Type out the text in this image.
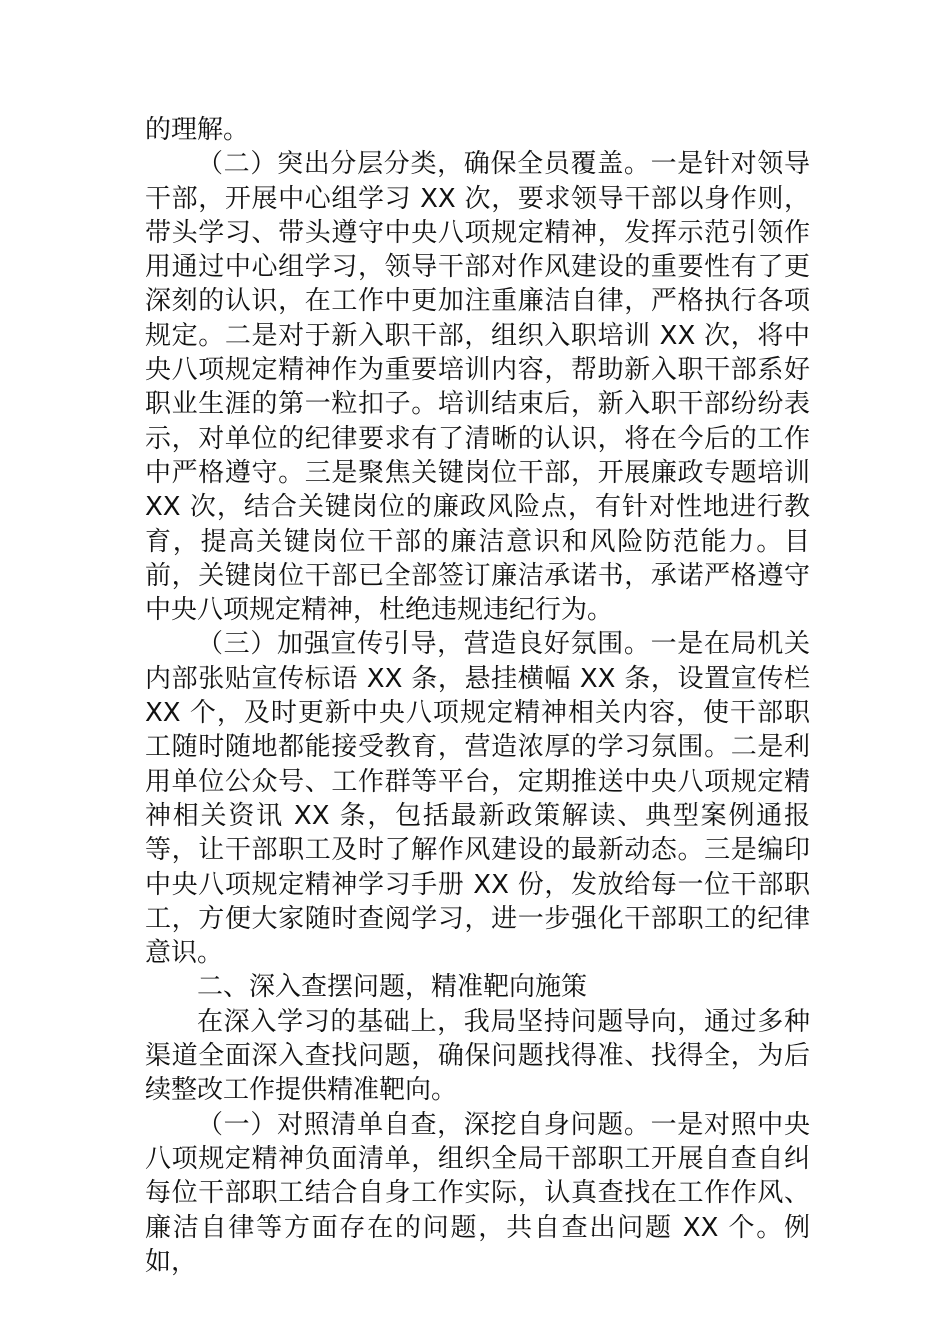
的理解。

（二）突出分层分类，确保全员覆盖。一是针对领导干部，开展中心组学习 XX 次，要求领导干部以身作则，带头学习、带头遵守中央八项规定精神，发挥示范引领作用通过中心组学习，领导干部对作风建设的重要性有了更深刻的认识，在工作中更加注重廉洁自律，严格执行各项规定。二是对于新入职干部，组织入职培训 XX 次，将中央八项规定精神作为重要培训内容，帮助新入职干部系好职业生涯的第一粒扣子。培训结束后，新入职干部纷纷表示，对单位的纪律要求有了清晰的认识，将在今后的工作中严格遵守。三是聚焦关键岗位干部，开展廉政专题培训 XX 次，结合关键岗位的廉政风险点，有针对性地进行教育，提高关键岗位干部的廉洁意识和风险防范能力。目前，关键岗位干部已全部签订廉洁承诺书，承诺严格遵守中央八项规定精神，杜绝违规违纪行为。

（三）加强宣传引导，营造良好氛围。一是在局机关内部张贴宣传标语 XX 条，悬挂横幅 XX 条，设置宣传栏 XX 个，及时更新中央八项规定精神相关内容，使干部职工随时随地都能接受教育，营造浓厚的学习氛围。二是利用单位公众号、工作群等平台，定期推送中央八项规定精神相关资讯 XX 条，包括最新政策解读、典型案例通报等，让干部职工及时了解作风建设的最新动态。三是编印中央八项规定精神学习手册 XX 份，发放给每一位干部职工，方便大家随时查阅学习，进一步强化干部职工的纪律意识。

二、深入查摆问题，精准靶向施策

在深入学习的基础上，我局坚持问题导向，通过多种渠道全面深入查找问题，确保问题找得准、找得全，为后续整改工作提供精准靶向。

（一）对照清单自查，深挖自身问题。一是对照中央八项规定精神负面清单，组织全局干部职工开展自查自纠每位干部职工结合自身工作实际，认真查找在工作作风、廉洁自律等方面存在的问题，共自查出问题 XX 个。例如，
